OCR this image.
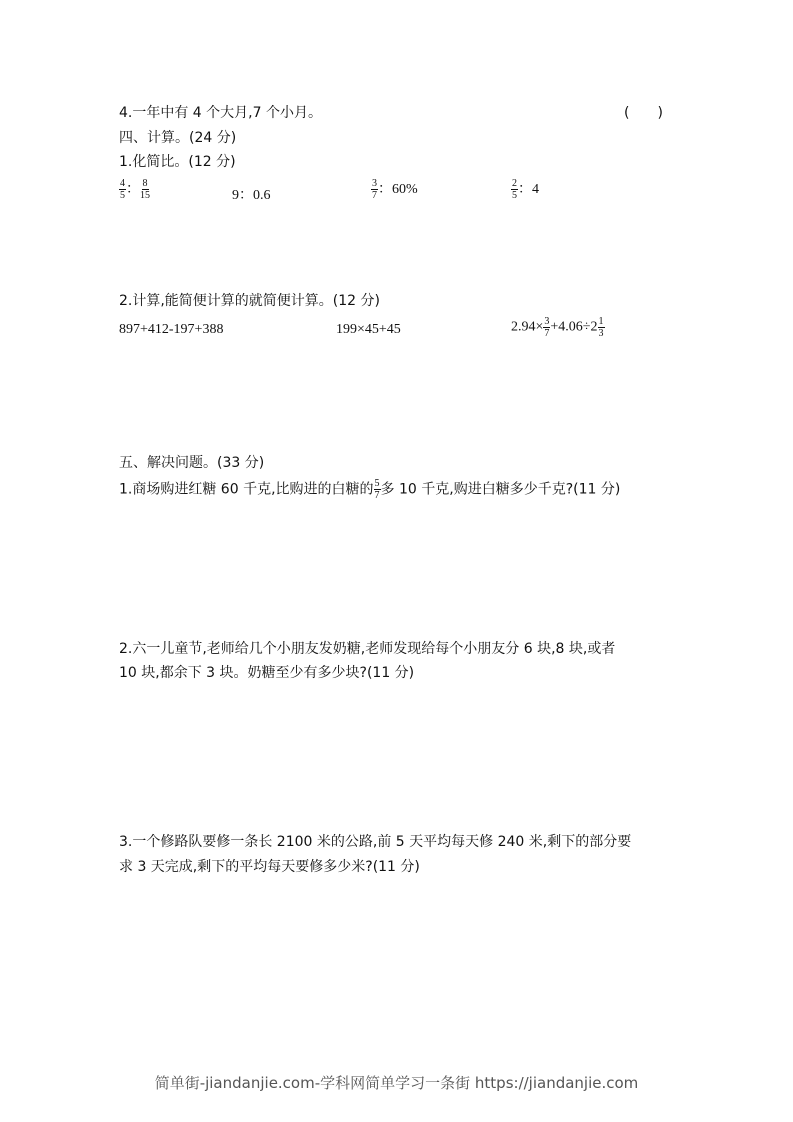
4.一年中有 4 个大月,7 个小月。	(　　)
四、计算。(24 分)
1.化简比。(12 分)
$\frac{4}{5}$ ： $\frac{8}{15}$	9：0.6	$\frac{3}{7}$ ：60%	$\frac{2}{5}$ ：4
2.计算,能简便计算的就简便计算。(12 分)
897+412-197+388	199×45+45	$2.94\times \frac{3}{7} +4.06\div 2 \frac{1}{3}$
五、解决问题。(33 分)
1.商场购进红糖 60 千克,比购进的白糖的 $\frac{5}{7}$ 多 10 千克,购进白糖多少千克?(11 分)
2.六一儿童节,老师给几个小朋友发奶糖,老师发现给每个小朋友分 6 块,8 块,或者
10 块,都余下 3 块。奶糖至少有多少块?(11 分)
3.一个修路队要修一条长 2100 米的公路,前 5 天平均每天修 240 米,剩下的部分要
求 3 天完成,剩下的平均每天要修多少米?(11 分)
简单街-jiandanjie.com-学科网简单学习一条街 https://jiandanjie.com
